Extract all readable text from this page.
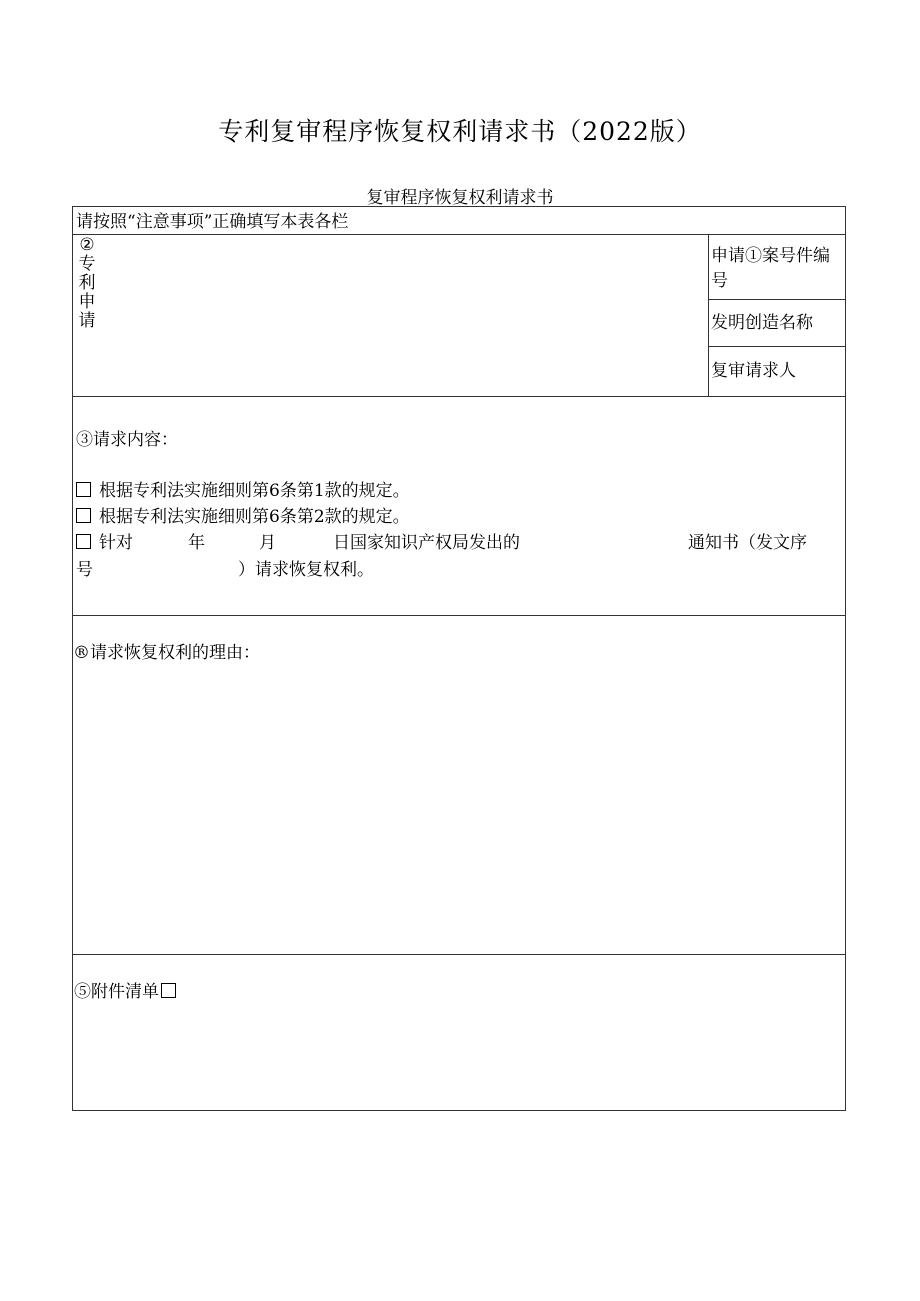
专利复审程序恢复权利请求书（2022版）
复审程序恢复权利请求书
请按照“注意事项”正确填写本表各栏
②
专
利
申
请
申请①案号件编
号
发明创造名称
复审请求人
③请求内容：
根据专利法实施细则第6条第1款的规定。
根据专利法实施细则第6条第2款的规定。
针对	年	月	日国家知识产权局发出的	通知书（发文序
号	）请求恢复权利。
®请求恢复权利的理由：
⑤附件清单
